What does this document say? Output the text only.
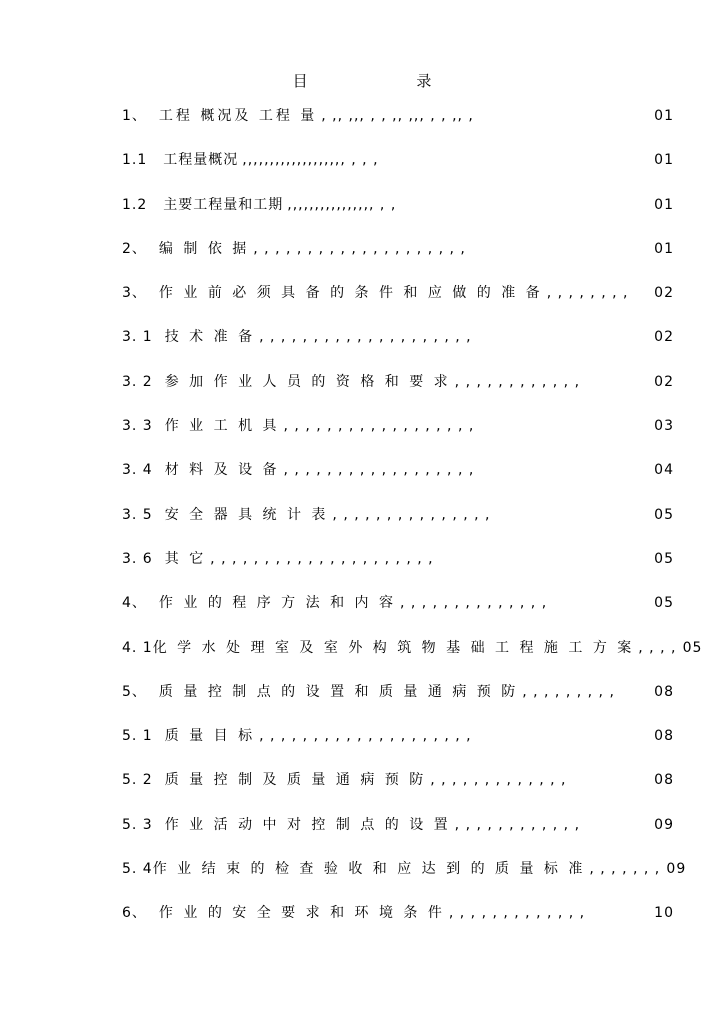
目 录
1、 工程 概况及 工程 量 , ,, ,,, , , ,, ,,, , , ,, ,	01
1.1 工程量概况 ,,,,,,,,,,,,,,,,,,, , , ,	01
1.2 主要工程量和工期 ,,,,,,,,,,,,,,,, , ,	01
2、 编 制 依 据 , , , , , , , , , , , , , , , , , , , ,	01
3、 作 业 前 必 须 具 备 的 条 件 和 应 做 的 准 备 , , , , , , , ,	02
3. 1 技 术 准 备 , , , , , , , , , , , , , , , , , , , ,	02
3. 2 参 加 作 业 人 员 的 资 格 和 要 求 , , , , , , , , , , , ,	02
3. 3 作 业 工 机 具 , , , , , , , , , , , , , , , , , ,	03
3. 4 材 料 及 设 备 , , , , , , , , , , , , , , , , , ,	04
3. 5 安 全 器 具 统 计 表 , , , , , , , , , , , , , , ,	05
3. 6 其 它 , , , , , , , , , , , , , , , , , , , , ,	05
4、 作 业 的 程 序 方 法 和 内 容 , , , , , , , , , , , , , ,	05
4. 1 化 学 水 处 理 室 及 室 外 构 筑 物 基 础 工 程 施 工 方 案 , , , , 05
5、 质 量 控 制 点 的 设 置 和 质 量 通 病 预 防 , , , , , , , , ,	08
5. 1 质 量 目 标 , , , , , , , , , , , , , , , , , , , ,	08
5. 2 质 量 控 制 及 质 量 通 病 预 防 , , , , , , , , , , , , ,	08
5. 3 作 业 活 动 中 对 控 制 点 的 设 置 , , , , , , , , , , , ,	09
5. 4 作 业 结 束 的 检 查 验 收 和 应 达 到 的 质 量 标 准 , , , , , , , 09
6、 作 业 的 安 全 要 求 和 环 境 条 件 , , , , , , , , , , , , ,	10
